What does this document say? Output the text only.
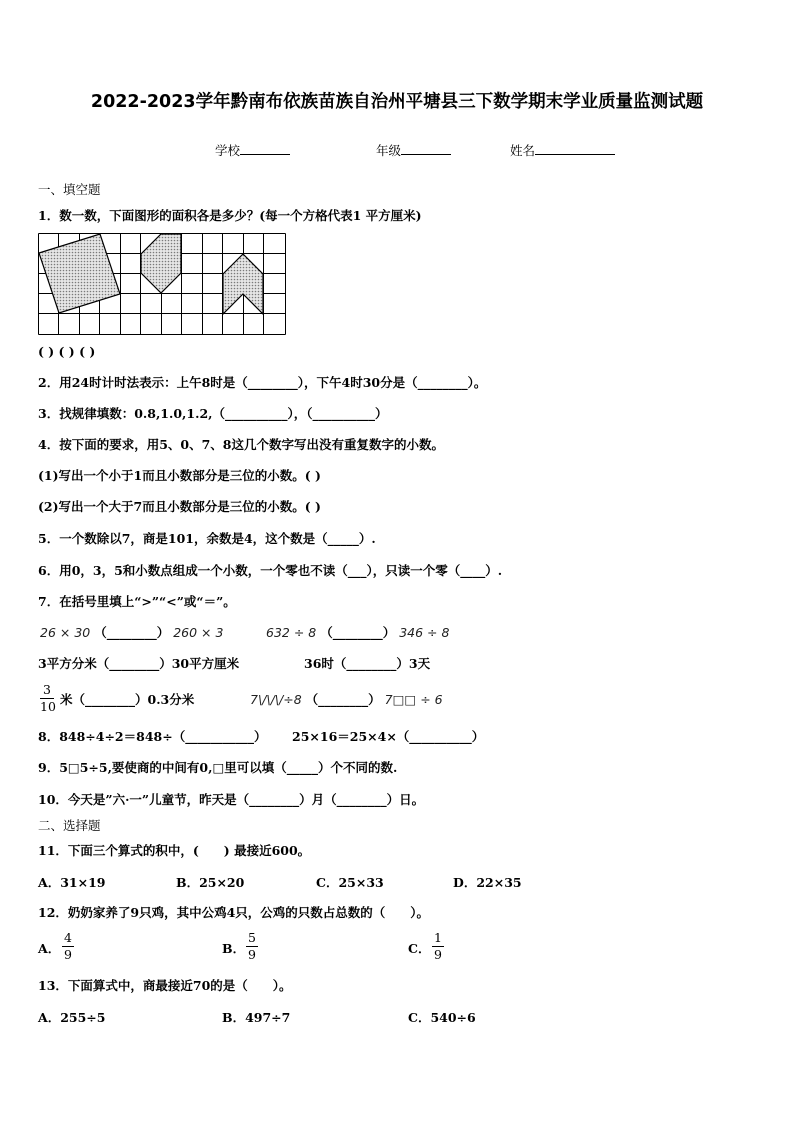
2022-2023学年黔南布依族苗族自治州平塘县三下数学期末学业质量监测试题
学校	年级	姓名
一、填空题
1．数一数，下面图形的面积各是多少？(每一个方格代表1 平方厘米)
( ) ( ) ( )
2．用24时计时法表示：上午8时是（________），下午4时30分是（________）。
3．找规律填数：0.8,1.0,1.2,（__________），（__________）
4．按下面的要求，用5、0、7、8这几个数字写出没有重复数字的小数。
(1)写出一个小于1而且小数部分是三位的小数。( )
(2)写出一个大于7而且小数部分是三位的小数。( )
5．一个数除以7，商是101，余数是4，这个数是（_____）.
6．用0，3，5和小数点组成一个小数，一个零也不读（___），只读一个零（____）.
7．在括号里填上“>”“<”或“＝”。
26 × 30 （________） 260 × 3	632 ÷ 8 （________） 346 ÷ 8
3平方分米（________）30平方厘米	36时（________）3天
3
10 米（________）0.3分米	7\/\/\/÷8 （________） 7□□ ÷ 6
8．848÷4÷2＝848÷（___________） 25×16＝25×4×（__________）
9．5□5÷5,要使商的中间有0,□里可以填（_____）个不同的数.
10．今天是”六·一”儿童节，昨天是（________）月（________）日。
二、选择题
11．下面三个算式的积中，(　　) 最接近600。
A．31×19	B．25×20	C．25×33	D．22×35
12．奶奶家养了9只鸡，其中公鸡4只，公鸡的只数占总数的（　　）。
A．
4
9	B．
5
9	C．
1
9
13．下面算式中，商最接近70的是（　　）。
A．255÷5	B．497÷7	C．540÷6
